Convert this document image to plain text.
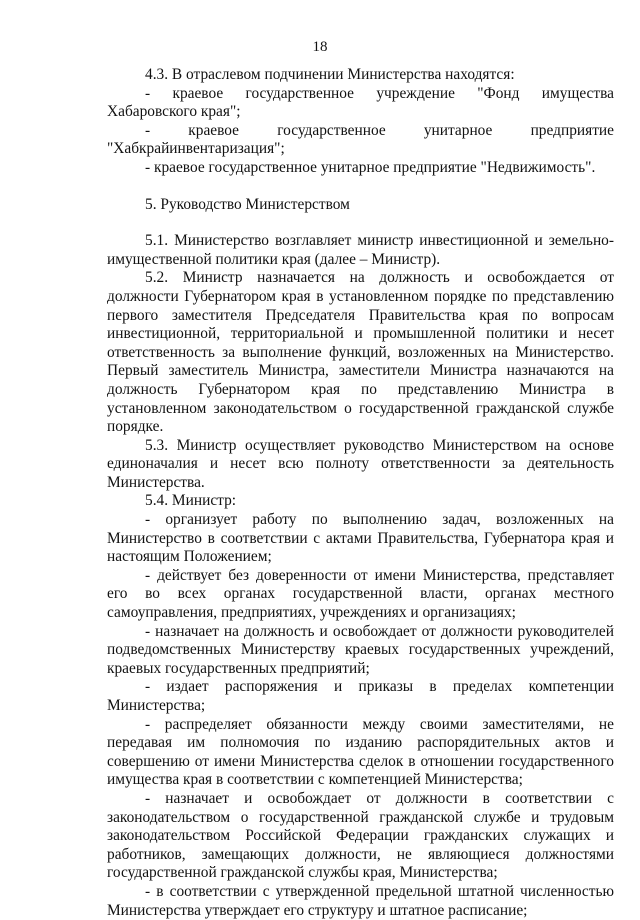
18

4.3. В отраслевом подчинении Министерства находятся:

- краевое государственное учреждение "Фонд имущества Хабаровского края";

- краевое государственное унитарное предприятие "Хабкрайинвентаризация";

- краевое государственное унитарное предприятие "Недвижимость".

5. Руководство Министерством

5.1. Министерство возглавляет министр инвестиционной и земельно-имущественной политики края (далее – Министр).

5.2. Министр назначается на должность и освобождается от должности Губернатором края в установленном порядке по представлению первого заместителя Председателя Правительства края по вопросам инвестиционной, территориальной и промышленной политики и несет ответственность за выполнение функций, возложенных на Министерство. Первый заместитель Министра, заместители Министра назначаются на должность Губернатором края по представлению Министра в установленном законодательством о государственной гражданской службе порядке.

5.3. Министр осуществляет руководство Министерством на основе единоначалия и несет всю полноту ответственности за деятельность Министерства.

5.4. Министр:

- организует работу по выполнению задач, возложенных на Министерство в соответствии с актами Правительства, Губернатора края и настоящим Положением;

- действует без доверенности от имени Министерства, представляет его во всех органах государственной власти, органах местного самоуправления, предприятиях, учреждениях и организациях;

- назначает на должность и освобождает от должности руководителей подведомственных Министерству краевых государственных учреждений, краевых государственных предприятий;

- издает распоряжения и приказы в пределах компетенции Министерства;

- распределяет обязанности между своими заместителями, не передавая им полномочия по изданию распорядительных актов и совершению от имени Министерства сделок в отношении государственного имущества края в соответствии с компетенцией Министерства;

- назначает и освобождает от должности в соответствии с законодательством о государственной гражданской службе и трудовым законодательством Российской Федерации гражданских служащих и работников, замещающих должности, не являющиеся должностями государственной гражданской службы края, Министерства;

- в соответствии с утвержденной предельной штатной численностью Министерства утверждает его структуру и штатное расписание;
